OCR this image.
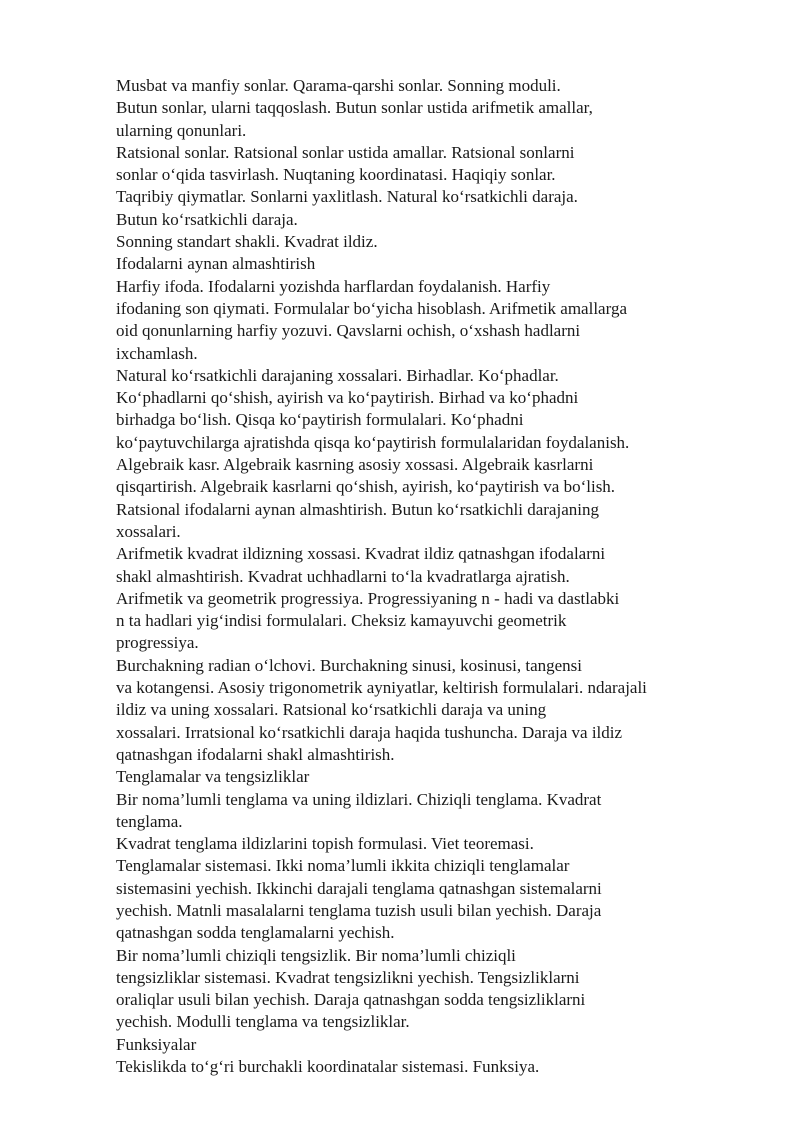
Musbat va manfiy sonlar. Qarama-qarshi sonlar. Sonning moduli.
Butun sonlar, ularni taqqoslash. Butun sonlar ustida arifmetik amallar,
ularning qonunlari.
Ratsional sonlar. Ratsional sonlar ustida amallar. Ratsional sonlarni
sonlar o‘qida tasvirlash. Nuqtaning koordinatasi. Haqiqiy sonlar.
Taqribiy qiymatlar. Sonlarni yaxlitlash. Natural ko‘rsatkichli daraja.
Butun ko‘rsatkichli daraja.
Sonning standart shakli. Kvadrat ildiz.
Ifodalarni aynan almashtirish
Harfiy ifoda. Ifodalarni yozishda harflardan foydalanish. Harfiy
ifodaning son qiymati. Formulalar bo‘yicha hisoblash. Arifmetik amallarga
oid qonunlarning harfiy yozuvi. Qavslarni ochish, o‘xshash hadlarni
ixchamlash.
Natural ko‘rsatkichli darajaning xossalari. Birhadlar. Ko‘phadlar.
Ko‘phadlarni qo‘shish, ayirish va ko‘paytirish. Birhad va ko‘phadni
birhadga bo‘lish. Qisqa ko‘paytirish formulalari. Ko‘phadni
ko‘paytuvchilarga ajratishda qisqa ko‘paytirish formulalaridan foydalanish.
Algebraik kasr. Algebraik kasrning asosiy xossasi. Algebraik kasrlarni
qisqartirish. Algebraik kasrlarni qo‘shish, ayirish, ko‘paytirish va bo‘lish.
Ratsional ifodalarni aynan almashtirish. Butun ko‘rsatkichli darajaning
xossalari.
Arifmetik kvadrat ildizning xossasi. Kvadrat ildiz qatnashgan ifodalarni
shakl almashtirish. Kvadrat uchhadlarni to‘la kvadratlarga ajratish.
Arifmetik va geometrik progressiya. Progressiyaning n - hadi va dastlabki
n ta hadlari yig‘indisi formulalari. Cheksiz kamayuvchi geometrik
progressiya.
Burchakning radian o‘lchovi. Burchakning sinusi, kosinusi, tangensi
va kotangensi. Asosiy trigonometrik ayniyatlar, keltirish formulalari. ndarajali
ildiz va uning xossalari. Ratsional ko‘rsatkichli daraja va uning
xossalari. Irratsional ko‘rsatkichli daraja haqida tushuncha. Daraja va ildiz
qatnashgan ifodalarni shakl almashtirish.
Tenglamalar va tengsizliklar
Bir noma’lumli tenglama va uning ildizlari. Chiziqli tenglama. Kvadrat
tenglama.
Kvadrat tenglama ildizlarini topish formulasi. Viet teoremasi.
Tenglamalar sistemasi. Ikki noma’lumli ikkita chiziqli tenglamalar
sistemasini yechish. Ikkinchi darajali tenglama qatnashgan sistemalarni
yechish. Matnli masalalarni tenglama tuzish usuli bilan yechish. Daraja
qatnashgan sodda tenglamalarni yechish.
Bir noma’lumli chiziqli tengsizlik. Bir noma’lumli chiziqli
tengsizliklar sistemasi. Kvadrat tengsizlikni yechish. Tengsizliklarni
oraliqlar usuli bilan yechish. Daraja qatnashgan sodda tengsizliklarni
yechish. Modulli tenglama va tengsizliklar.
Funksiyalar
Tekislikda to‘g‘ri burchakli koordinatalar sistemasi. Funksiya.
